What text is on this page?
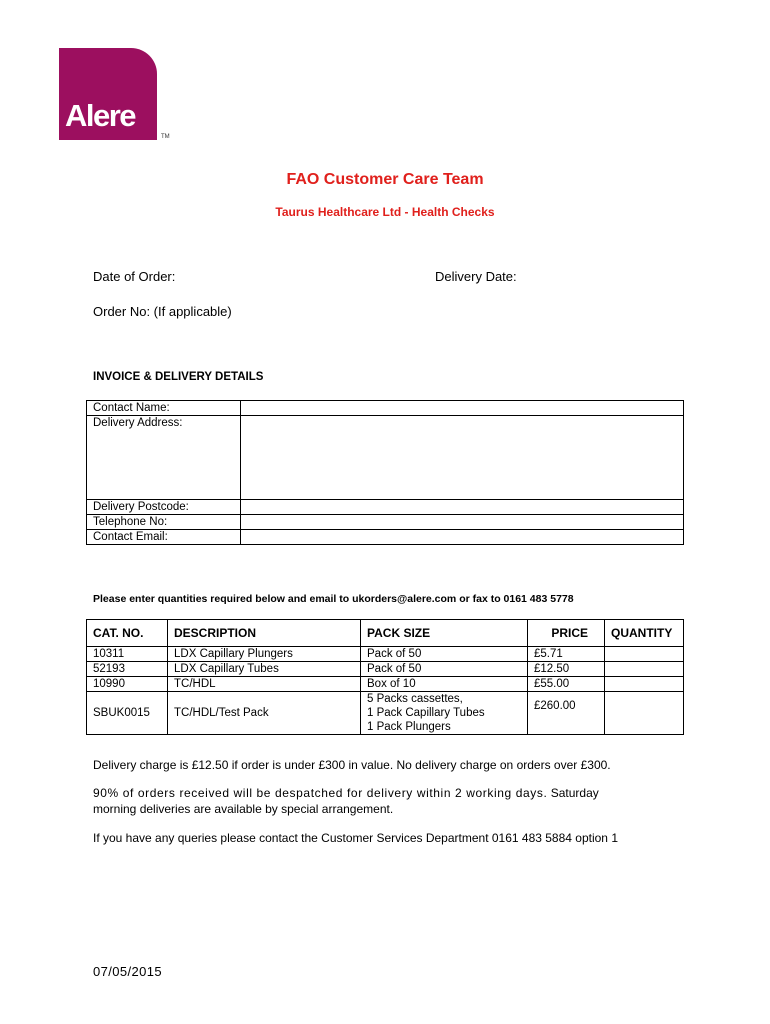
Alere
TM
FAO Customer Care Team
Taurus Healthcare Ltd - Health Checks
Date of Order:	Delivery Date:
Order No: (If applicable)
INVOICE & DELIVERY DETAILS
Contact Name:	
Delivery Address:	
Delivery Postcode:	
Telephone No:	
Contact Email:	
Please enter quantities required below and email to ukorders@alere.com or fax to 0161 483 5778
CAT. NO.	DESCRIPTION	PACK SIZE	PRICE	QUANTITY
10311	LDX Capillary Plungers	Pack of 50	£5.71	
52193	LDX Capillary Tubes	Pack of 50	£12.50	
10990	TC/HDL	Box of 10	£55.00	
SBUK0015	TC/HDL/Test Pack	5 Packs cassettes,
1 Pack Capillary Tubes
1 Pack Plungers	£260.00	
Delivery charge is £12.50 if order is under £300 in value. No delivery charge on orders over £300.
90% of orders received will be despatched for delivery within 2 working days. Saturday
morning deliveries are available by special arrangement.
If you have any queries please contact the Customer Services Department 0161 483 5884 option 1
07/05/2015
